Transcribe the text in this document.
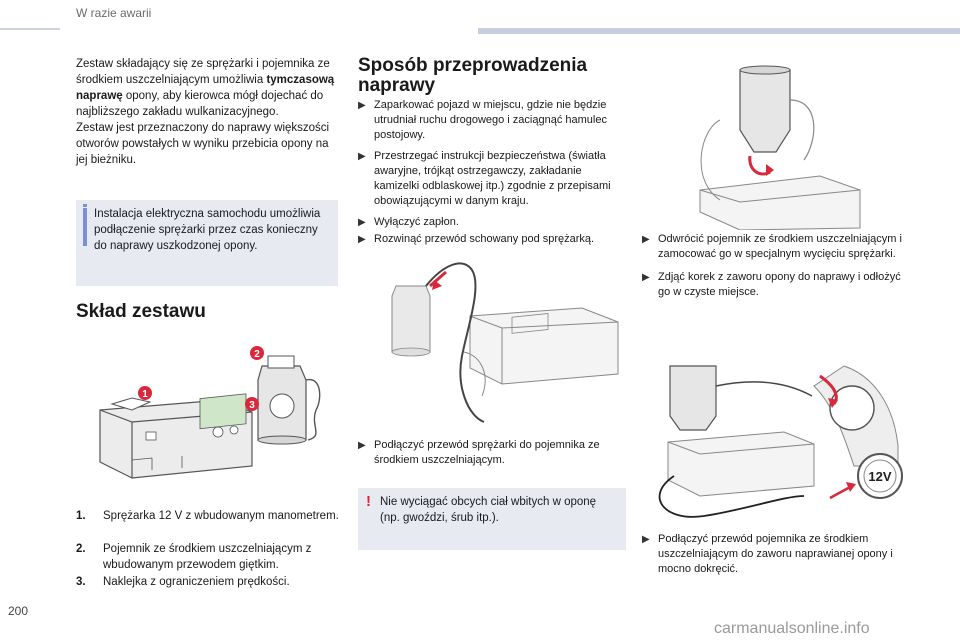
W razie awarii

Zestaw składający się ze sprężarki i pojemnika ze środkiem uszczelniającym umożliwia tymczasową naprawę opony, aby kierowca mógł dojechać do najbliższego zakładu wulkanizacyjnego.

Zestaw jest przeznaczony do naprawy większości otworów powstałych w wyniku przebicia opony na jej bieżniku.

Instalacja elektryczna samochodu umożliwia podłączenie sprężarki przez czas konieczny do naprawy uszkodzonej opony.
Skład zestawu
1
2
3
1. Sprężarka 12 V z wbudowanym manometrem.
2. Pojemnik ze środkiem uszczelniającym z wbudowanym przewodem giętkim.
3. Naklejka z ograniczeniem prędkości.
Sposób przeprowadzenia
naprawy
▶ Zaparkować pojazd w miejscu, gdzie nie będzie utrudniał ruchu drogowego i zaciągnąć hamulec postojowy.
▶ Przestrzegać instrukcji bezpieczeństwa (światła awaryjne, trójkąt ostrzegawczy, zakładanie kamizelki odblaskowej itp.) zgodnie z przepisami obowiązującymi w danym kraju.
▶ Wyłączyć zapłon.
▶ Rozwinąć przewód schowany pod sprężarką.
▶ Podłączyć przewód sprężarki do pojemnika ze środkiem uszczelniającym.
! Nie wyciągać obcych ciał wbitych w oponę (np. gwoździ, śrub itp.).
▶ Odwrócić pojemnik ze środkiem uszczelniającym i zamocować go w specjalnym wycięciu sprężarki.
▶ Zdjąć korek z zaworu opony do naprawy i odłożyć go w czyste miejsce.
12V
▶ Podłączyć przewód pojemnika ze środkiem uszczelniającym do zaworu naprawianej opony i mocno dokręcić.
200
carmanualsonline.info
